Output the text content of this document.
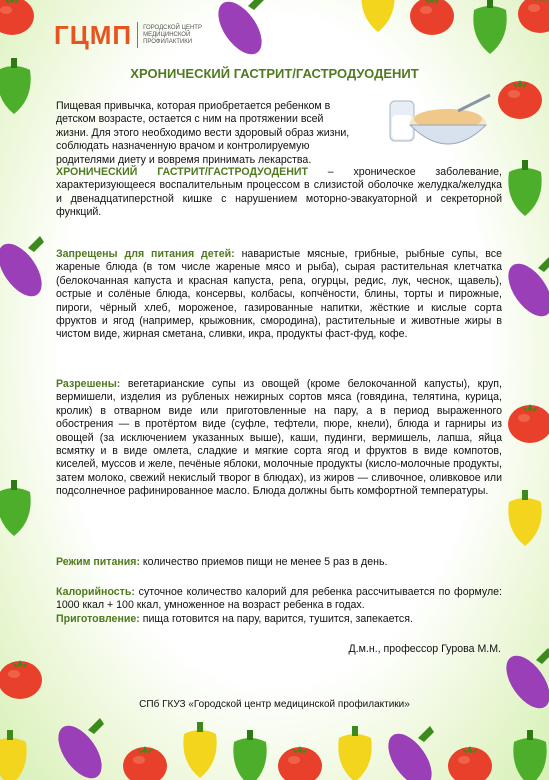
ГЦМП ГОРОДСКОЙ ЦЕНТР МЕДИЦИНСКОЙ ПРОФИЛАКТИКИ
ХРОНИЧЕСКИЙ ГАСТРИТ/ГАСТРОДУОДЕНИТ
Пищевая привычка, которая приобретается ребенком в детском возрасте, остается с ним на протяжении всей жизни. Для этого необходимо вести здоровый образ жизни, соблюдать назначенную врачом и контролируемую родителями диету и вовремя принимать лекарства.
ХРОНИЧЕСКИЙ ГАСТРИТ/ГАСТРОДУОДЕНИТ – хроническое заболевание, характеризующееся воспалительным процессом в слизистой оболочке желудка/желудка и двенадцатиперстной кишке с нарушением моторно-эвакуаторной и секреторной функций.
Запрещены для питания детей: наваристые мясные, грибные, рыбные супы, все жареные блюда (в том числе жареные мясо и рыба), сырая растительная клетчатка (белокочанная капуста и красная капуста, репа, огурцы, редис, лук, чеснок, щавель), острые и солёные блюда, консервы, колбасы, копчёности, блины, торты и пирожные, пироги, чёрный хлеб, мороженое, газированные напитки, жёсткие и кислые сорта фруктов и ягод (например, крыжовник, смородина), растительные и животные жиры в чистом виде, жирная сметана, сливки, икра, продукты фаст-фуд, кофе.
Разрешены: вегетарианские супы из овощей (кроме белокочанной капусты), круп, вермишели, изделия из рубленых нежирных сортов мяса (говядина, телятина, курица, кролик) в отварном виде или приготовленные на пару, а в период выраженного обострения — в протёртом виде (суфле, тефтели, пюре, кнели), блюда и гарниры из овощей (за исключением указанных выше), каши, пудинги, вермишель, лапша, яйца всмятку и в виде омлета, сладкие и мягкие сорта ягод и фруктов в виде компотов, киселей, муссов и желе, печёные яблоки, молочные продукты (кисло-молочные продукты, затем молоко, свежий некислый творог в блюдах), из жиров — сливочное, оливковое или подсолнечное рафинированное масло. Блюда должны быть комфортной температуры.
Режим питания: количество приемов пищи не менее 5 раз в день.
Калорийность: суточное количество калорий для ребенка рассчитывается по формуле: 1000 ккал + 100 ккал, умноженное на возраст ребенка в годах.
Приготовление: пища готовится на пару, варится, тушится, запекается.
Д.м.н., профессор Гурова М.М.
СПб ГКУЗ «Городской центр медицинской профилактики»
